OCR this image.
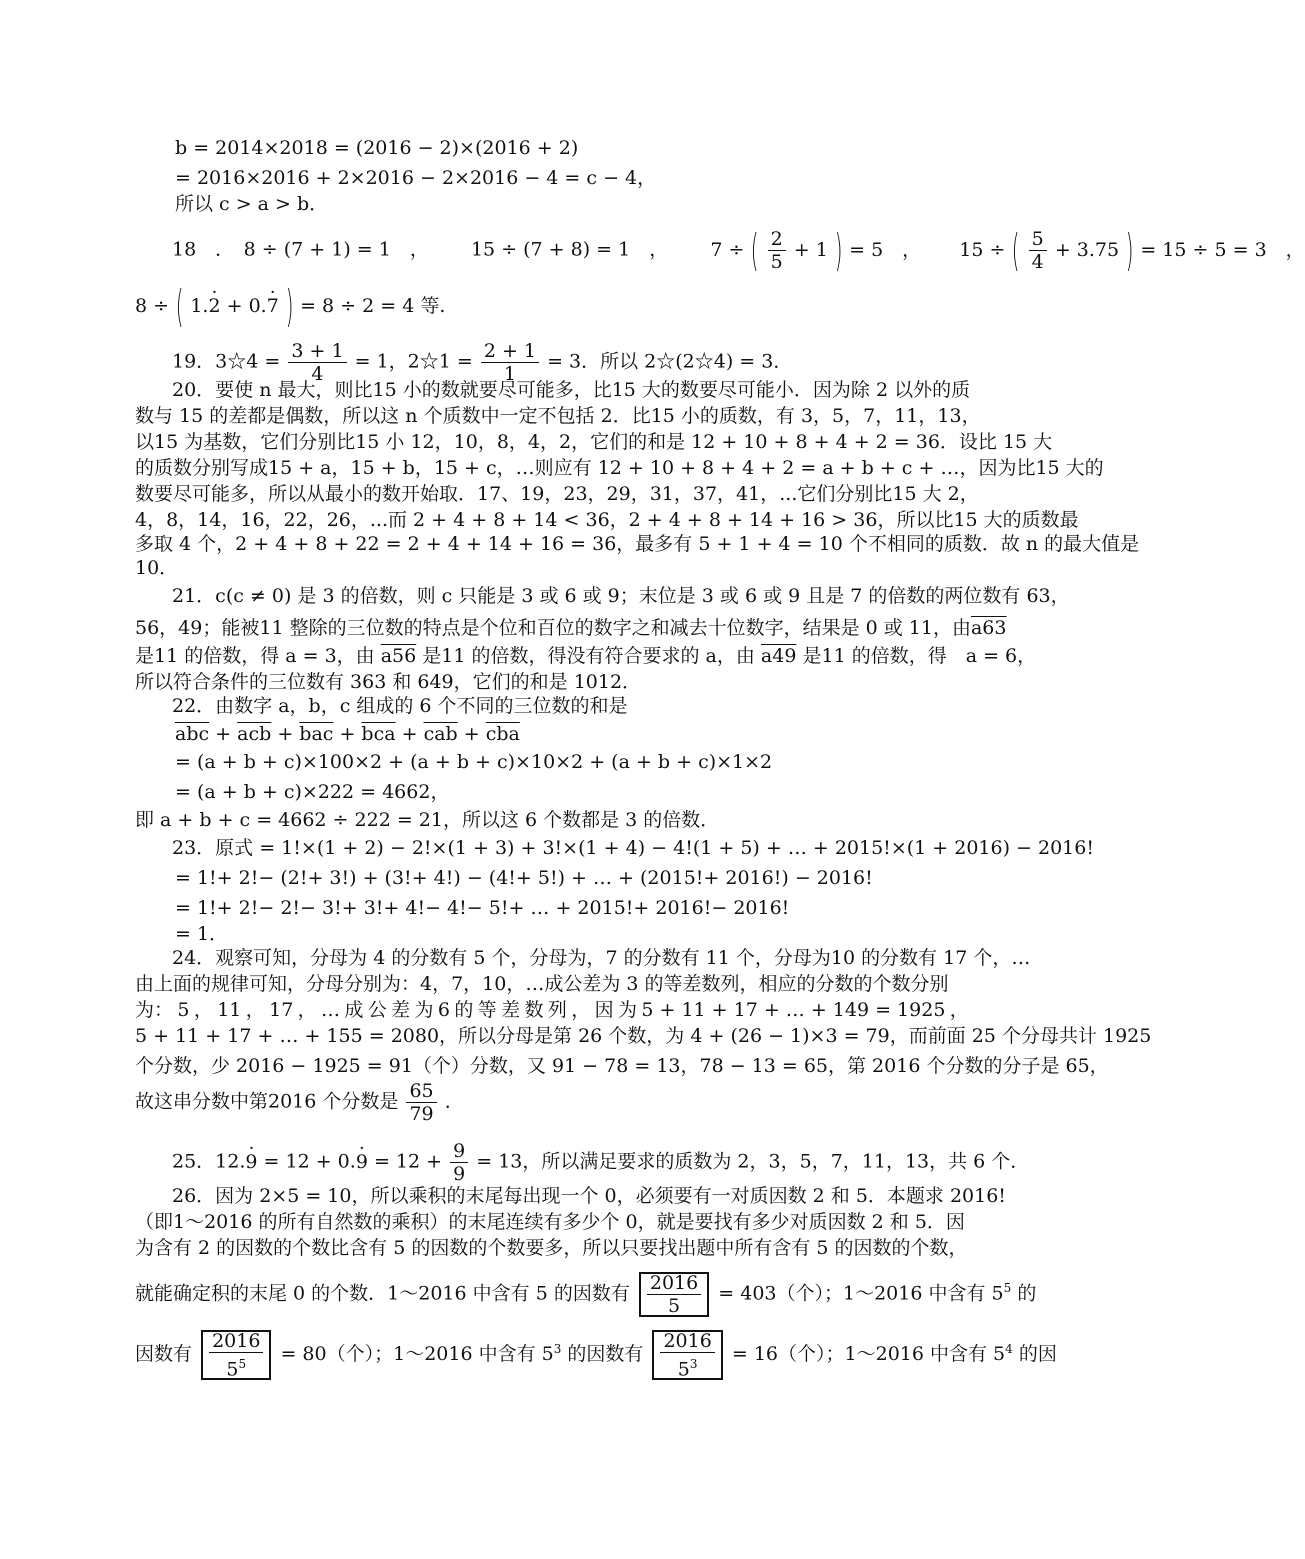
b = 2014×2018 = (2016 − 2)×(2016 + 2)
= 2016×2016 + 2×2016 − 2×2016 − 4 = c − 4，
所以 c > a > b．
18　．　8 ÷ (7 + 1) = 1　， 15 ÷ (7 + 8) = 1　， 7 ÷ ( $\frac{2}{5} + 1$ ) = 5　， 15 ÷ ( $\frac{5}{4} + 3.75$ ) = 15 ÷ 5 = 3　，
8 ÷ ( 1.2 · + 0.7 · ) = 8 ÷ 2 = 4 等.
19．3☆4 = $\frac{3 + 1}{4} = 1$，2☆1 = $\frac{2 + 1}{1} = 3$．所以 2☆(2☆4) = 3．
20．要使 n 最大，则比15 小的数就要尽可能多，比15 大的数要尽可能小．因为除 2 以外的质
数与 15 的差都是偶数，所以这 n 个质数中一定不包括 2．比15 小的质数，有 3，5，7，11，13，
以15 为基数，它们分别比15 小 12，10，8，4，2，它们的和是 12 + 10 + 8 + 4 + 2 = 36．设比 15 大
的质数分别写成15 + a，15 + b，15 + c，…则应有 12 + 10 + 8 + 4 + 2 = a + b + c + …，因为比15 大的
数要尽可能多，所以从最小的数开始取．17、19，23，29，31，37，41，...它们分别比15 大 2，
4，8，14，16，22，26，...而 2 + 4 + 8 + 14 < 36，2 + 4 + 8 + 14 + 16 > 36，所以比15 大的质数最
多取 4 个，2 + 4 + 8 + 22 = 2 + 4 + 14 + 16 = 36，最多有 5 + 1 + 4 = 10 个不相同的质数．故 n 的最大值是
10．
21．c(c ≠ 0) 是 3 的倍数，则 c 只能是 3 或 6 或 9；末位是 3 或 6 或 9 且是 7 的倍数的两位数有 63，
56，49；能被11 整除的三位数的特点是个位和百位的数字之和减去十位数字，结果是 0 或 11，由a63
是11 的倍数，得 a = 3，由 a56 是11 的倍数，得没有符合要求的 a，由 a49 是11 的倍数，得　a = 6，
所以符合条件的三位数有 363 和 649，它们的和是 1012．
22．由数字 a，b，c 组成的 6 个不同的三位数的和是
$\overline{abc} + \overline{acb} + \overline{bac} + \overline{bca} + \overline{cab} + \overline{cba}$
= (a + b + c)×100×2 + (a + b + c)×10×2 + (a + b + c)×1×2
= (a + b + c)×222 = 4662，
即 a + b + c = 4662 ÷ 222 = 21，所以这 6 个数都是 3 的倍数．
23．原式 = 1!×(1 + 2) − 2!×(1 + 3) + 3!×(1 + 4) − 4!(1 + 5) + … + 2015!×(1 + 2016) − 2016!
= 1!+ 2!− (2!+ 3!) + (3!+ 4!) − (4!+ 5!) + … + (2015!+ 2016!) − 2016!
= 1!+ 2!− 2!− 3!+ 3!+ 4!− 4!− 5!+ … + 2015!+ 2016!− 2016!
= 1．
24．观察可知，分母为 4 的分数有 5 个，分母为，7 的分数有 11 个，分母为10 的分数有 17 个，…
由上面的规律可知，分母分别为：4，7，10，…成公差为 3 的等差数列，相应的分数的个数分别
为： 5 ， 11 ， 17 ， … 成 公 差 为 6 的 等 差 数 列 ， 因 为 5 + 11 + 17 + … + 149 = 1925 ，
5 + 11 + 17 + … + 155 = 2080，所以分母是第 26 个数，为 4 + (26 − 1)×3 = 79，而前面 25 个分母共计 1925
个分数，少 2016 − 1925 = 91（个）分数，又 91 − 78 = 13，78 − 13 = 65，第 2016 个分数的分子是 65，
故这串分数中第2016 个分数是 $\frac{65}{79}$ ．
25．12.9 · = 12 + 0.9 · = $12 + \frac{9}{9} = 13$，所以满足要求的质数为 2，3，5，7，11，13，共 6 个．
26．因为 2×5 = 10，所以乘积的末尾每出现一个 0，必须要有一对质因数 2 和 5．本题求 2016!
（即1～2016 的所有自然数的乘积）的末尾连续有多少个 0，就是要找有多少对质因数 2 和 5．因
为含有 2 的因数的个数比含有 5 的因数的个数要多，所以只要找出题中所有含有 5 的因数的个数，
就能确定积的末尾 0 的个数．1～2016 中含有 5 的因数有 2016
5
= 403（个）；1～2016 中含有 $5^5$ 的
因数有
2016
$5^5 = 80$（个）；1～2016 中含有 $5^3$ 的因数有
2016
$5^3 = 16$（个）；1～2016 中含有 $5^4$ 的因
